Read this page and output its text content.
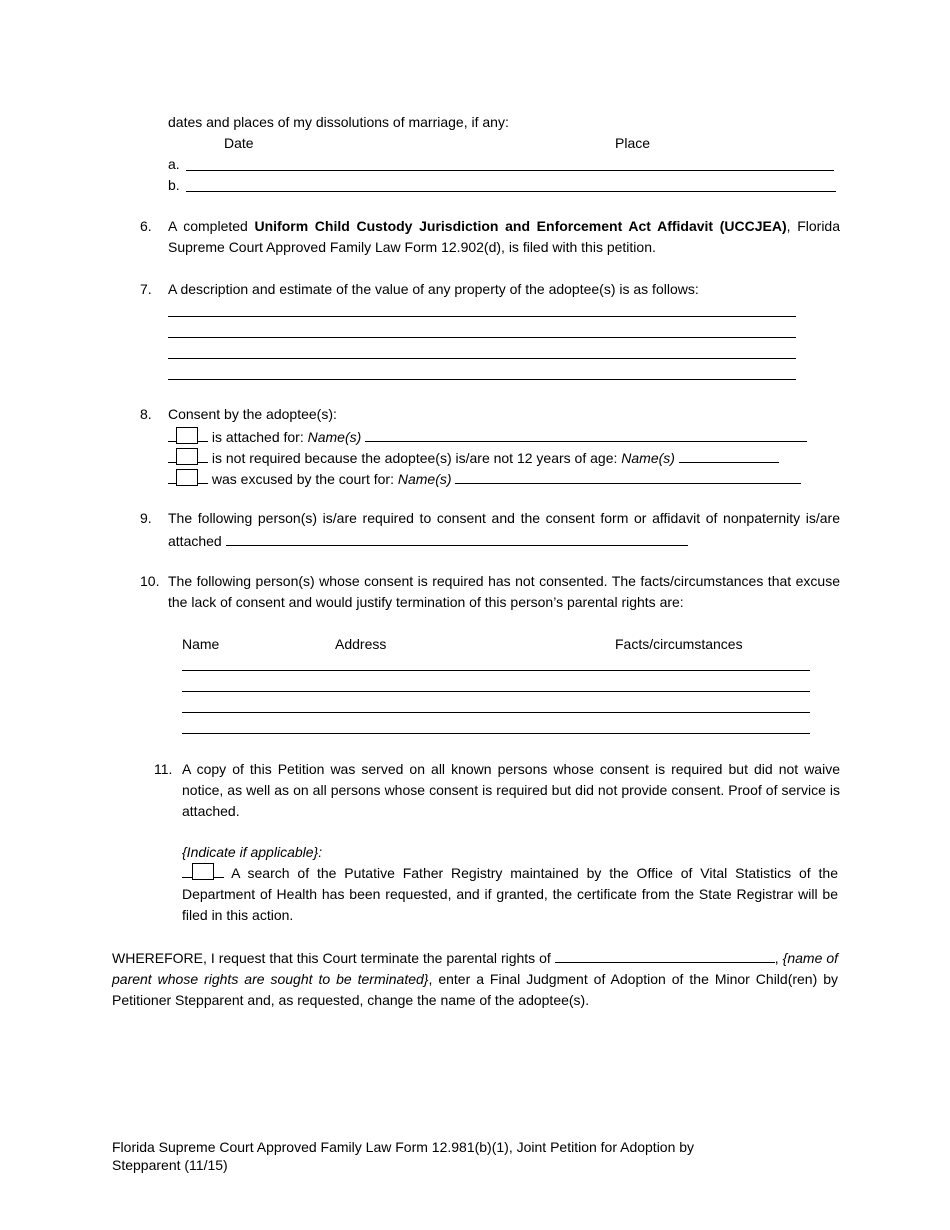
dates and places of my dissolutions of marriage, if any:
Date	Place
a.
b.
6. A completed Uniform Child Custody Jurisdiction and Enforcement Act Affidavit (UCCJEA), Florida Supreme Court Approved Family Law Form 12.902(d), is filed with this petition.
7. A description and estimate of the value of any property of the adoptee(s) is as follows:
8. Consent by the adoptee(s):
is attached for: Name(s)
is not required because the adoptee(s) is/are not 12 years of age: Name(s)
was excused by the court for: Name(s)
9. The following person(s) is/are required to consent and the consent form or affidavit of nonpaternity is/are attached
10. The following person(s) whose consent is required has not consented. The facts/circumstances that excuse the lack of consent and would justify termination of this person’s parental rights are:
Name	Address	Facts/circumstances
11. A copy of this Petition was served on all known persons whose consent is required but did not waive notice, as well as on all persons whose consent is required but did not provide consent. Proof of service is attached.
{Indicate if applicable}:
A search of the Putative Father Registry maintained by the Office of Vital Statistics of the Department of Health has been requested, and if granted, the certificate from the State Registrar will be filed in this action.
WHEREFORE, I request that this Court terminate the parental rights of	, {name of parent whose rights are sought to be terminated}, enter a Final Judgment of Adoption of the Minor Child(ren) by Petitioner Stepparent and, as requested, change the name of the adoptee(s).
Florida Supreme Court Approved Family Law Form 12.981(b)(1), Joint Petition for Adoption by
Stepparent (11/15)
